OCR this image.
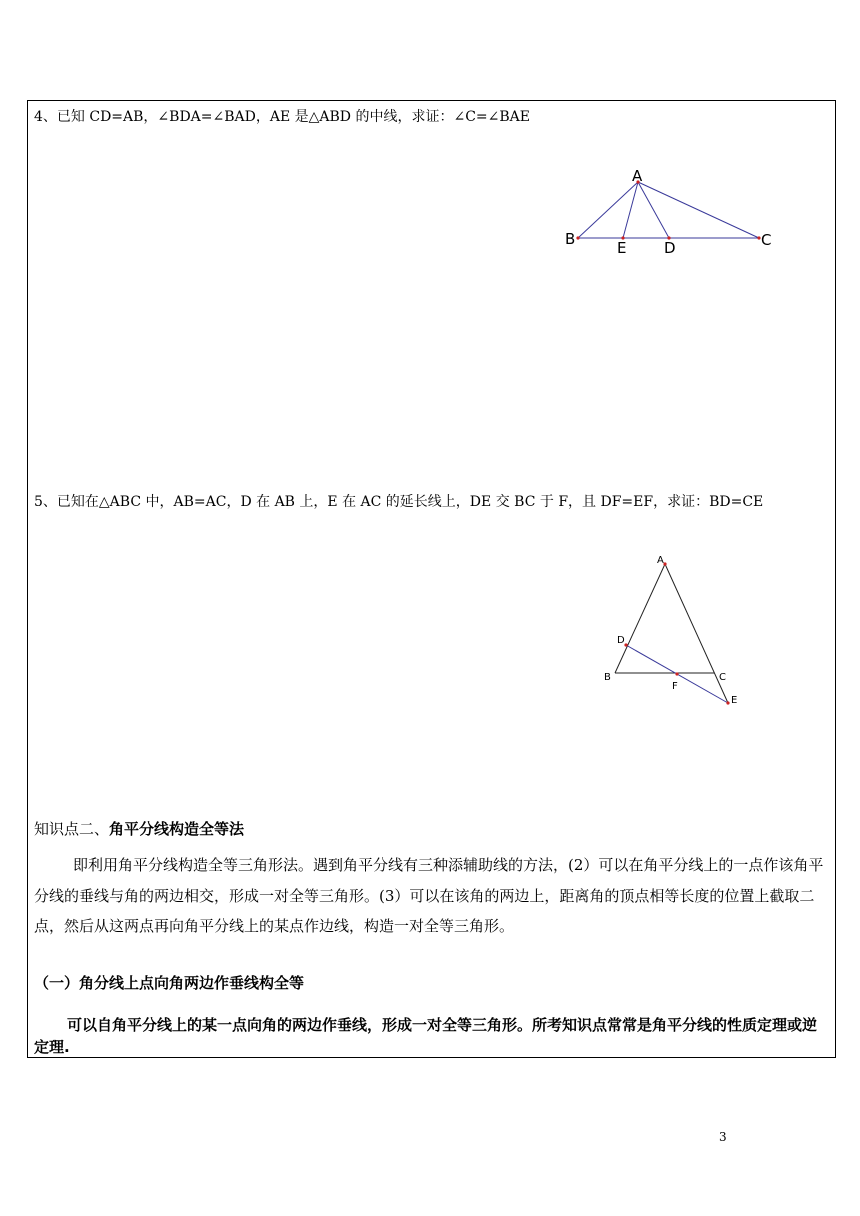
4、已知 CD=AB，∠BDA=∠BAD，AE 是△ABD 的中线，求证：∠C=∠BAE
A
B	C
E	D
5、已知在△ABC 中，AB=AC，D 在 AB 上，E 在 AC 的延长线上，DE 交 BC 于 F，且 DF=EF，求证：BD=CE
A
D
B	C
F
E
知识点二、角平分线构造全等法
即利用角平分线构造全等三角形法。遇到角平分线有三种添辅助线的方法，(2）可以在角平分线上的一点作该角平分线的垂线与角的两边相交，形成一对全等三角形。(3）可以在该角的两边上，距离角的顶点相等长度的位置上截取二点，然后从这两点再向角平分线上的某点作边线，构造一对全等三角形。
（一）角分线上点向角两边作垂线构全等
可以自角平分线上的某一点向角的两边作垂线，形成一对全等三角形。所考知识点常常是角平分线的性质定理或逆定理.
3
